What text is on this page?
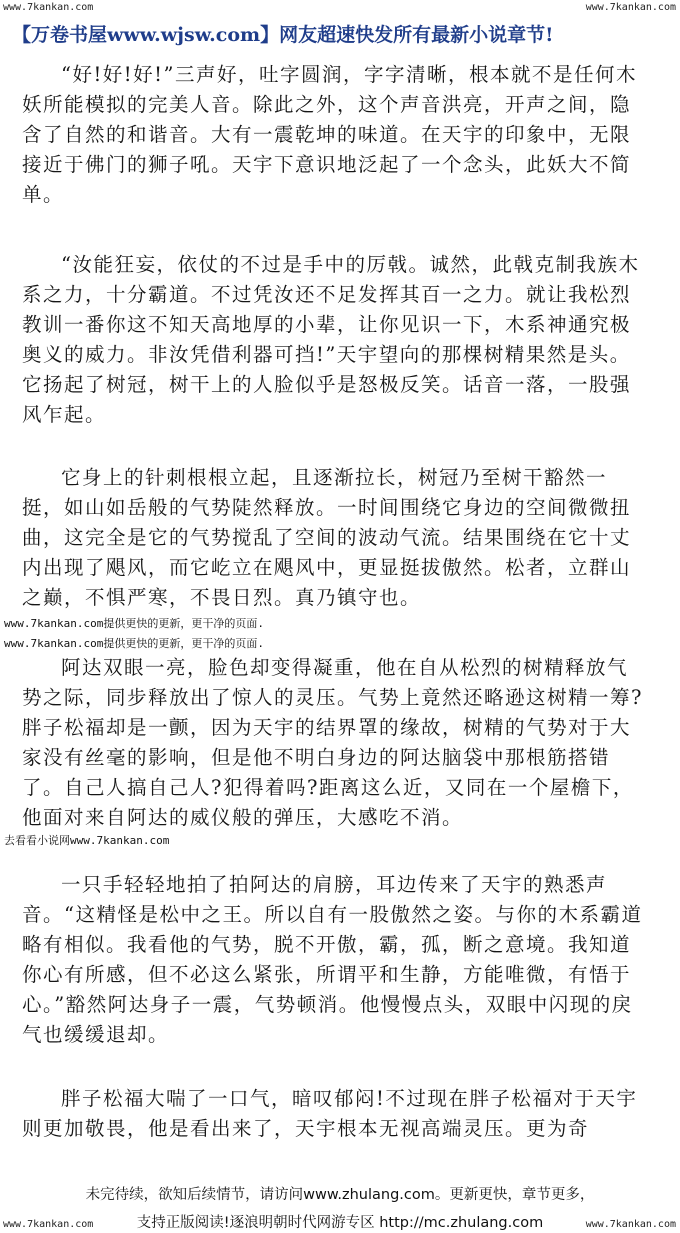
www.7kankan.com	www.7kankan.com
【万卷书屋www.wjsw.com】网友超速快发所有最新小说章节!

“好!好!好!”三声好，吐字圆润，字字清晰，根本就不是任何木妖所能模拟的完美人音。除此之外，这个声音洪亮，开声之间，隐含了自然的和谐音。大有一震乾坤的味道。在天宇的印象中，无限接近于佛门的狮子吼。天宇下意识地泛起了一个念头，此妖大不简单。

“汝能狂妄，依仗的不过是手中的厉戟。诚然，此戟克制我族木系之力，十分霸道。不过凭汝还不足发挥其百一之力。就让我松烈教训一番你这不知天高地厚的小辈，让你见识一下，木系神通究极奥义的威力。非汝凭借利器可挡!”天宇望向的那棵树精果然是头。它扬起了树冠，树干上的人脸似乎是怒极反笑。话音一落，一股强风乍起。

它身上的针刺根根立起，且逐渐拉长，树冠乃至树干豁然一挺，如山如岳般的气势陡然释放。一时间围绕它身边的空间微微扭曲，这完全是它的气势搅乱了空间的波动气流。结果围绕在它十丈内出现了飓风，而它屹立在飓风中，更显挺拔傲然。松者，立群山之巅，不惧严寒，不畏日烈。真乃镇守也。

www.7kankan.com提供更快的更新，更干净的页面.
www.7kankan.com提供更快的更新，更干净的页面.

阿达双眼一亮，脸色却变得凝重，他在自从松烈的树精释放气势之际，同步释放出了惊人的灵压。气势上竟然还略逊这树精一筹?胖子松福却是一颤，因为天宇的结界罩的缘故，树精的气势对于大家没有丝毫的影响，但是他不明白身边的阿达脑袋中那根筋搭错了。自己人搞自己人?犯得着吗?距离这么近，又同在一个屋檐下，他面对来自阿达的威仪般的弹压，大感吃不消。

去看看小说网www.7kankan.com

一只手轻轻地拍了拍阿达的肩膀，耳边传来了天宇的熟悉声音。“这精怪是松中之王。所以自有一股傲然之姿。与你的木系霸道略有相似。我看他的气势，脱不开傲，霸，孤，断之意境。我知道你心有所感，但不必这么紧张，所谓平和生静，方能唯微，有悟于心。”豁然阿达身子一震，气势顿消。他慢慢点头，双眼中闪现的戾气也缓缓退却。

胖子松福大喘了一口气，暗叹郁闷!不过现在胖子松福对于天宇则更加敬畏，他是看出来了，天宇根本无视高端灵压。更为奇

未完待续，欲知后续情节，请访问www.zhulang.com。更新更快，章节更多，
支持正版阅读!逐浪明朝时代网游专区 http://mc.zhulang.com
www.7kankan.com	www.7kankan.com
